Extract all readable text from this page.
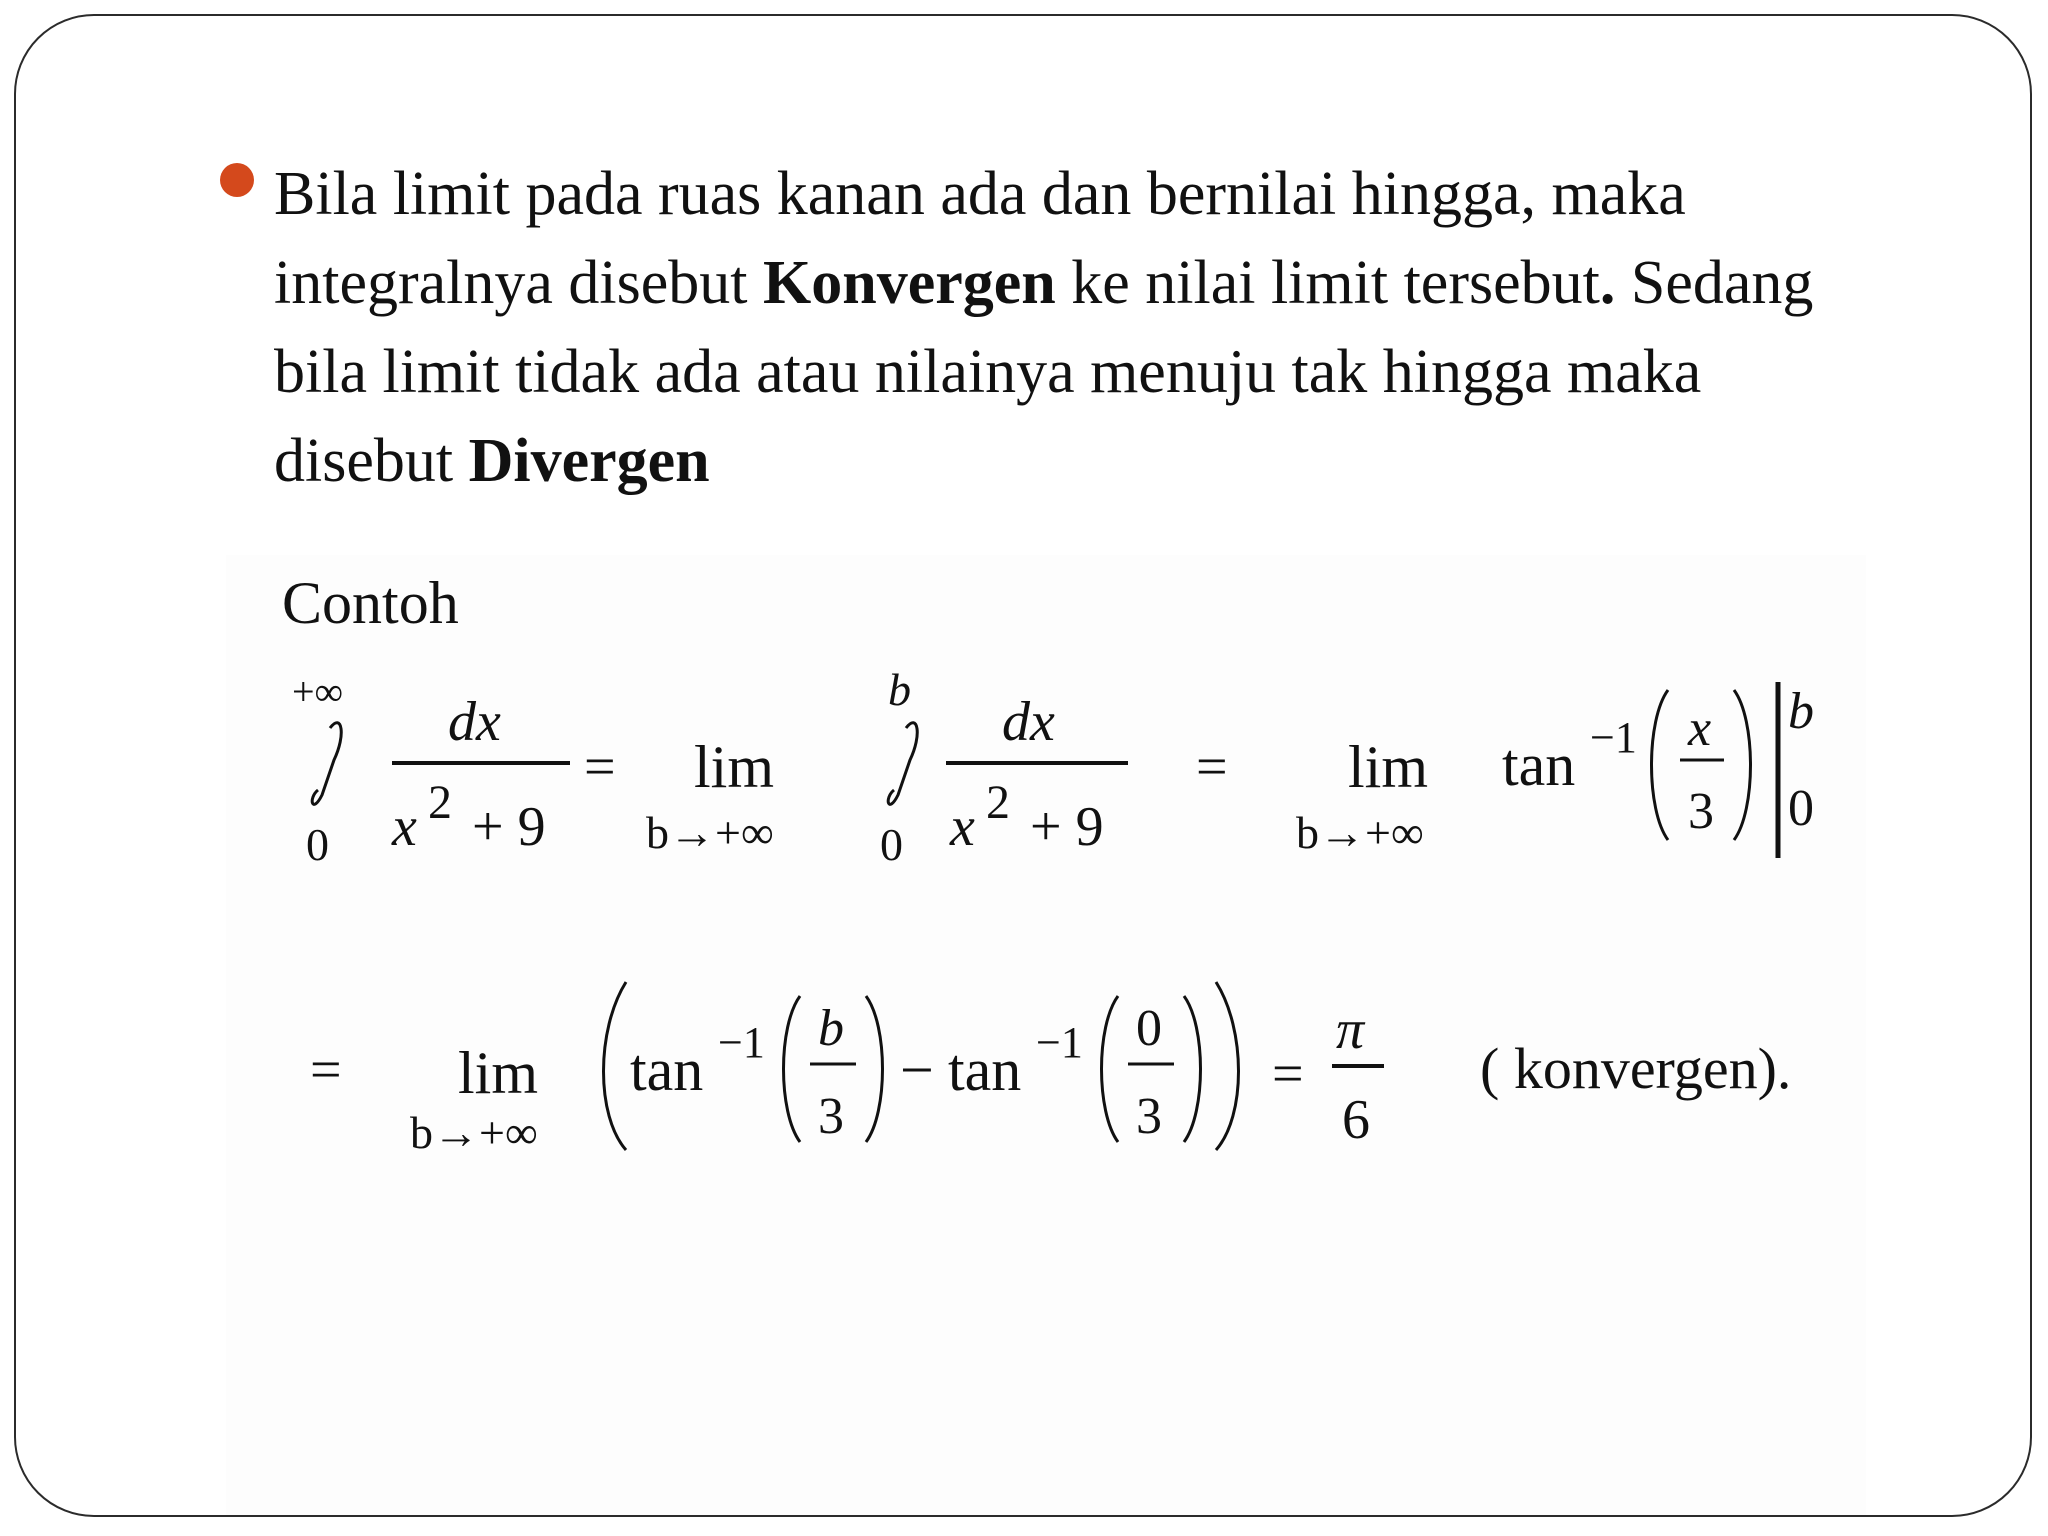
Bila limit pada ruas kanan ada dan bernilai hingga, maka integralnya disebut Konvergen ke nilai limit tersebut. Sedang bila limit tidak ada atau nilainya menuju tak hingga maka disebut Divergen
Contoh
+∞
0
dx
x 2 + 9
= lim
b→+∞
b
0
dx
x 2 + 9
= lim
b→+∞
tan −1 x
3
b
0
= lim
b→+∞
tan −1 b
3
− tan −1 0
3
=
π
6
( konvergen).
